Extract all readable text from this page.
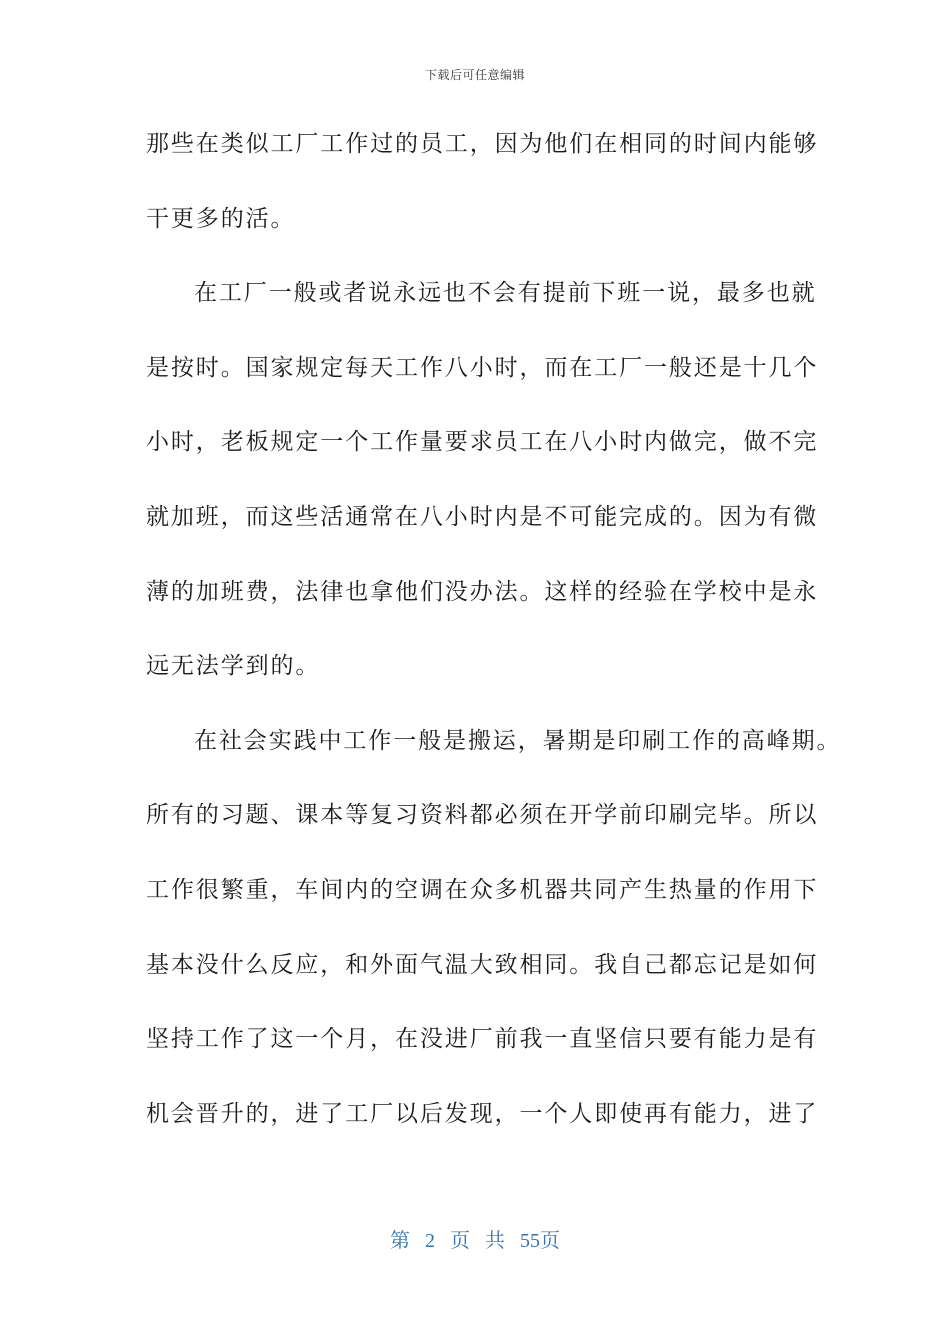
下载后可任意编辑
那些在类似工厂工作过的员工，因为他们在相同的时间内能够
干更多的活。
在工厂一般或者说永远也不会有提前下班一说，最多也就
是按时。国家规定每天工作八小时，而在工厂一般还是十几个
小时，老板规定一个工作量要求员工在八小时内做完，做不完
就加班，而这些活通常在八小时内是不可能完成的。因为有微
薄的加班费，法律也拿他们没办法。这样的经验在学校中是永
远无法学到的。
在社会实践中工作一般是搬运，暑期是印刷工作的高峰期。
所有的习题、课本等复习资料都必须在开学前印刷完毕。所以
工作很繁重，车间内的空调在众多机器共同产生热量的作用下
基本没什么反应，和外面气温大致相同。我自己都忘记是如何
坚持工作了这一个月，在没进厂前我一直坚信只要有能力是有
机会晋升的，进了工厂以后发现，一个人即使再有能力，进了
第 2 页 共 55页
